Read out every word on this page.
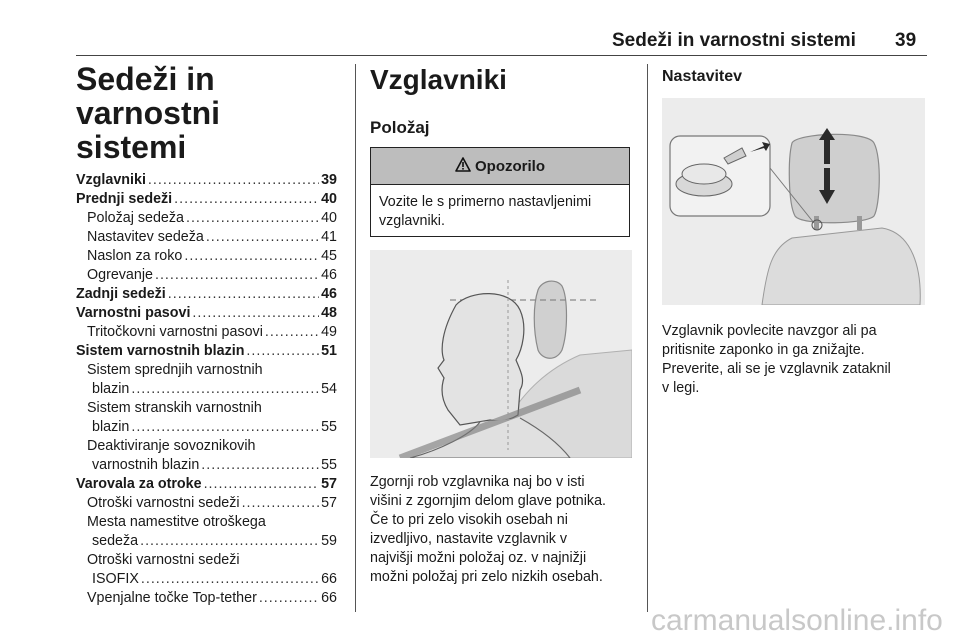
Sedeži in varnostni sistemi 39
Sedeži in varnostni
sistemi
Vzglavniki .....	39
Prednji sedeži .....	40
Položaj sedeža .....	40
Nastavitev sedeža .....	41
Naslon za roko .....	45
Ogrevanje .....	46
Zadnji sedeži .....	46
Varnostni pasovi .....	48
Tritočkovni varnostni pasovi .....	49
Sistem varnostnih blazin .....	51
Sistem sprednjih varnostnih
blazin .....	54
Sistem stranskih varnostnih
blazin .....	55
Deaktiviranje sovoznikovih
varnostnih blazin .....	55
Varovala za otroke .....	57
Otroški varnostni sedeži .....	57
Mesta namestitve otroškega
sedeža .....	59
Otroški varnostni sedeži
ISOFIX .....	66
Vpenjalne točke Top-tether .....	66
Vzglavniki
Položaj
Opozorilo
Vozite le s primerno nastavljenimi vzglavniki.
Zgornji rob vzglavnika naj bo v isti
višini z zgornjim delom glave potnika.
Če to pri zelo visokih osebah ni
izvedljivo, nastavite vzglavnik v
najvišji možni položaj oz. v najnižji
možni položaj pri zelo nizkih osebah.
Nastavitev
Vzglavnik povlecite navzgor ali pa
pritisnite zaponko in ga znižajte.
Preverite, ali se je vzglavnik zataknil
v legi.
carmanualsonline.info
